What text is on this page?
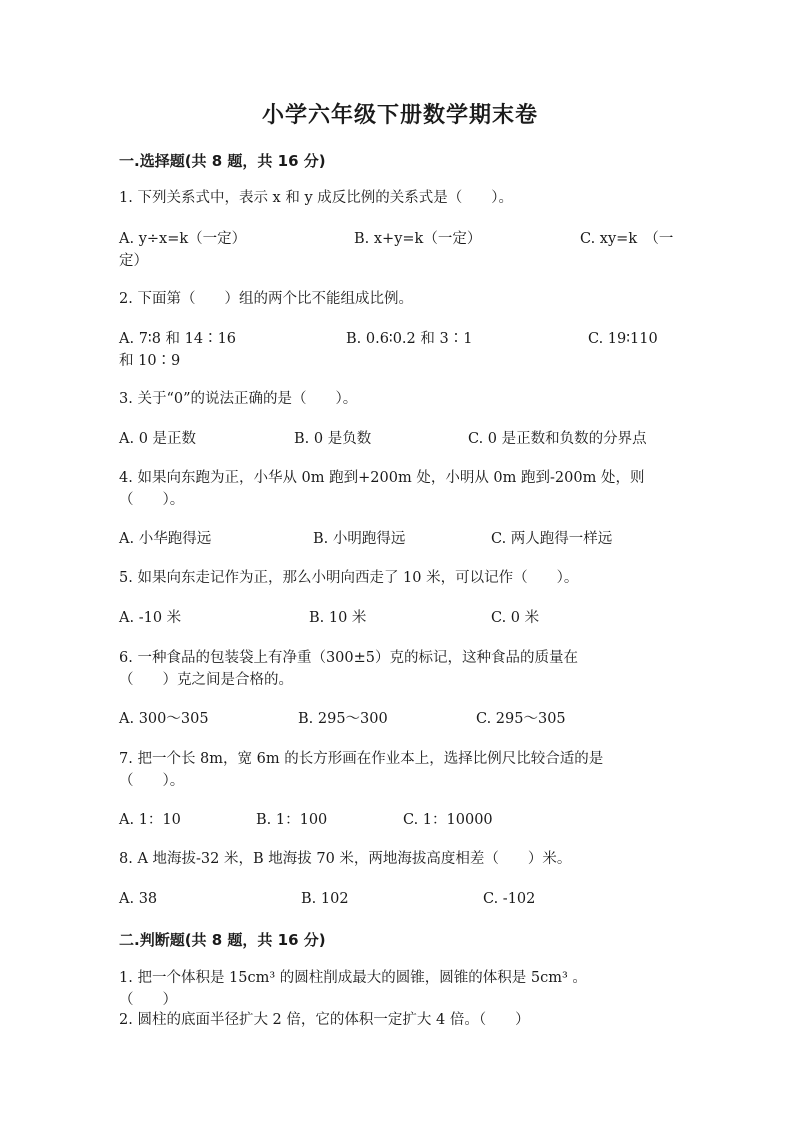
小学六年级下册数学期末卷
一.选择题(共 8 题，共 16 分)
1. 下列关系式中，表示 x 和 y 成反比例的关系式是（　　）。
A. y÷x=k（一定）	B. x+y=k（一定）	C. xy=k　（一
定）
2. 下面第（　　）组的两个比不能组成比例。
A. 7∶8 和 14∶16	B. 0.6∶0.2 和 3∶1	C. 19∶110
和 10∶9
3. 关于“0”的说法正确的是（　　）。
A. 0 是正数	B. 0 是负数	C. 0 是正数和负数的分界点
4. 如果向东跑为正，小华从 0m 跑到+200m 处，小明从 0m 跑到-200m 处，则
（　　）。
A. 小华跑得远	B. 小明跑得远	C. 两人跑得一样远
5. 如果向东走记作为正，那么小明向西走了 10 米，可以记作（　　）。
A. -10 米	B. 10 米	C. 0 米
6. 一种食品的包装袋上有净重（300±5）克的标记，这种食品的质量在
（　　）克之间是合格的。
A. 300～305	B. 295～300	C. 295～305
7. 把一个长 8m，宽 6m 的长方形画在作业本上，选择比例尺比较合适的是
（　　）。
A. 1：10	B. 1：100	C. 1：10000
8. A 地海拔-32 米，B 地海拔 70 米，两地海拔高度相差（　　）米。
A. 38	B. 102	C. -102
二.判断题(共 8 题，共 16 分)
1. 把一个体积是 15cm³ 的圆柱削成最大的圆锥，圆锥的体积是 5cm³ 。
（　　）
2. 圆柱的底面半径扩大 2 倍，它的体积一定扩大 4 倍。（　　）
